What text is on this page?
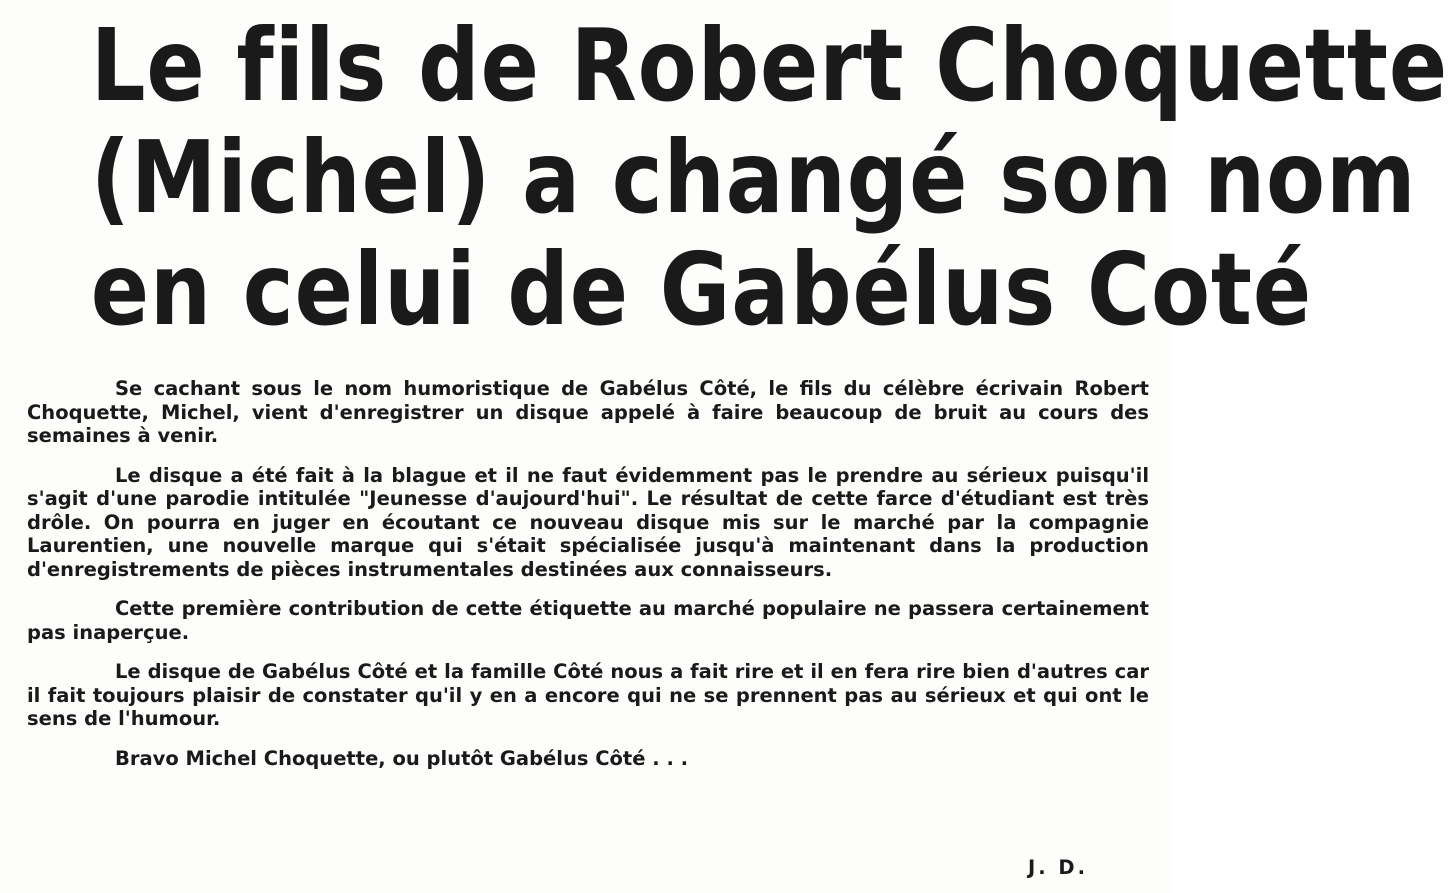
Le fils de Robert Choquette
(Michel) a changé son nom
en celui de Gabélus Coté

Se cachant sous le nom humoristique de Gabélus Côté, le fils du célèbre écrivain Robert Choquette, Michel, vient d'enregistrer un disque appelé à faire beaucoup de bruit au cours des semaines à venir.

Le disque a été fait à la blague et il ne faut évidemment pas le prendre au sérieux puisqu'il s'agit d'une parodie intitulée "Jeunesse d'aujourd'hui". Le résultat de cette farce d'étudiant est très drôle. On pourra en juger en écoutant ce nouveau disque mis sur le marché par la compagnie Laurentien, une nouvelle marque qui s'était spécialisée jusqu'à maintenant dans la production d'enregistrements de pièces instrumentales destinées aux connaisseurs.

Cette première contribution de cette étiquette au marché populaire ne passera certainement pas inaperçue.

Le disque de Gabélus Côté et la famille Côté nous a fait rire et il en fera rire bien d'autres car il fait toujours plaisir de constater qu'il y en a encore qui ne se prennent pas au sérieux et qui ont le sens de l'humour.

Bravo Michel Choquette, ou plutôt Gabélus Côté . . .

J. D.
